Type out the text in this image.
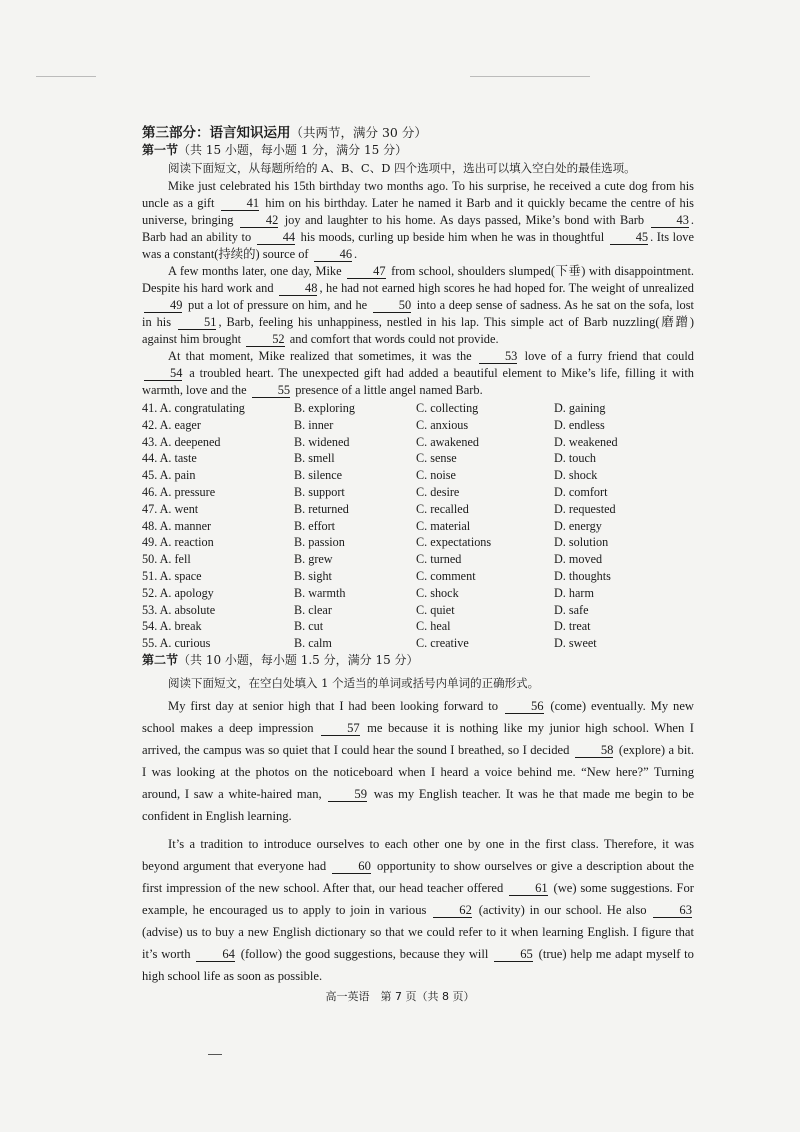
第三部分：语言知识运用（共两节，满分 30 分）
第一节（共 15 小题，每小题 1 分，满分 15 分）
阅读下面短文，从每题所给的 A、B、C、D 四个选项中，选出可以填入空白处的最佳选项。

Mike just celebrated his 15th birthday two months ago. To his surprise, he received a cute dog from his uncle as a gift 41 him on his birthday. Later he named it Barb and it quickly became the centre of his universe, bringing 42 joy and laughter to his home. As days passed, Mike’s bond with Barb 43 . Barb had an ability to 44 his moods, curling up beside him when he was in thoughtful 45 . Its love was a constant(持续的) source of 46 .

A few months later, one day, Mike 47 from school, shoulders slumped(下垂) with disappointment. Despite his hard work and 48 , he had not earned high scores he had hoped for. The weight of unrealized 49 put a lot of pressure on him, and he 50 into a deep sense of sadness. As he sat on the sofa, lost in his 51 , Barb, feeling his unhappiness, nestled in his lap. This simple act of Barb nuzzling(磨蹭) against him brought 52 and comfort that words could not provide.

At that moment, Mike realized that sometimes, it was the 53 love of a furry friend that could 54 a troubled heart. The unexpected gift had added a beautiful element to Mike’s life, filling it with warmth, love and the 55 presence of a little angel named Barb.

41. A. congratulating	B. exploring	C. collecting	D. gaining
42. A. eager	B. inner	C. anxious	D. endless
43. A. deepened	B. widened	C. awakened	D. weakened
44. A. taste	B. smell	C. sense	D. touch
45. A. pain	B. silence	C. noise	D. shock
46. A. pressure	B. support	C. desire	D. comfort
47. A. went	B. returned	C. recalled	D. requested
48. A. manner	B. effort	C. material	D. energy
49. A. reaction	B. passion	C. expectations	D. solution
50. A. fell	B. grew	C. turned	D. moved
51. A. space	B. sight	C. comment	D. thoughts
52. A. apology	B. warmth	C. shock	D. harm
53. A. absolute	B. clear	C. quiet	D. safe
54. A. break	B. cut	C. heal	D. treat
55. A. curious	B. calm	C. creative	D. sweet
第二节（共 10 小题，每小题 1.5 分，满分 15 分）
阅读下面短文，在空白处填入 1 个适当的单词或括号内单词的正确形式。

My first day at senior high that I had been looking forward to 56 (come) eventually. My new school makes a deep impression 57 me because it is nothing like my junior high school. When I arrived, the campus was so quiet that I could hear the sound I breathed, so I decided 58 (explore) a bit. I was looking at the photos on the noticeboard when I heard a voice behind me. “New here?” Turning around, I saw a white-haired man, 59 was my English teacher. It was he that made me begin to be confident in English learning.

It’s a tradition to introduce ourselves to each other one by one in the first class. Therefore, it was beyond argument that everyone had 60 opportunity to show ourselves or give a description about the first impression of the new school. After that, our head teacher offered 61 (we) some suggestions. For example, he encouraged us to apply to join in various 62 (activity) in our school. He also 63 (advise) us to buy a new English dictionary so that we could refer to it when learning English. I figure that it’s worth 64 (follow) the good suggestions, because they will 65 (true) help me adapt myself to high school life as soon as possible.

高一英语　第 7 页（共 8 页）
